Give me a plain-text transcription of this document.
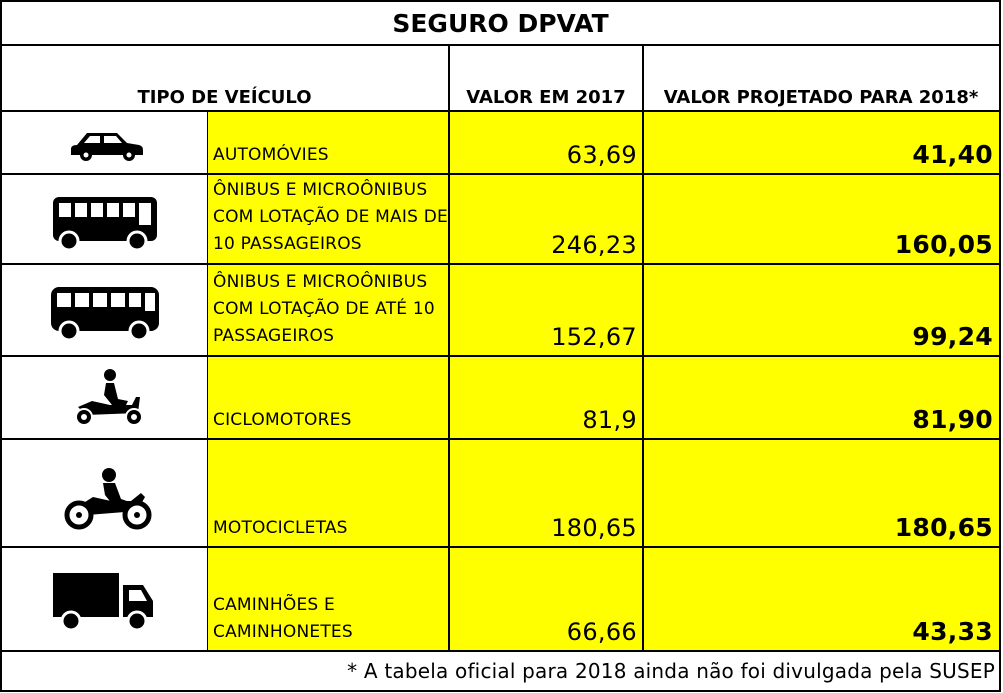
SEGURO DPVAT
TIPO DE VEÍCULO	VALOR EM 2017	VALOR PROJETADO PARA 2018*
AUTOMÓVIES	63,69	41,40
ÔNIBUS E MICROÔNIBUS
COM LOTAÇÃO DE MAIS DE
10 PASSAGEIROS	246,23	160,05
ÔNIBUS E MICROÔNIBUS
COM LOTAÇÃO DE ATÉ 10
PASSAGEIROS	152,67	99,24
CICLOMOTORES	81,9	81,90
MOTOCICLETAS	180,65	180,65
CAMINHÕES E
CAMINHONETES	66,66	43,33
* A tabela oficial para 2018 ainda não foi divulgada pela SUSEP
